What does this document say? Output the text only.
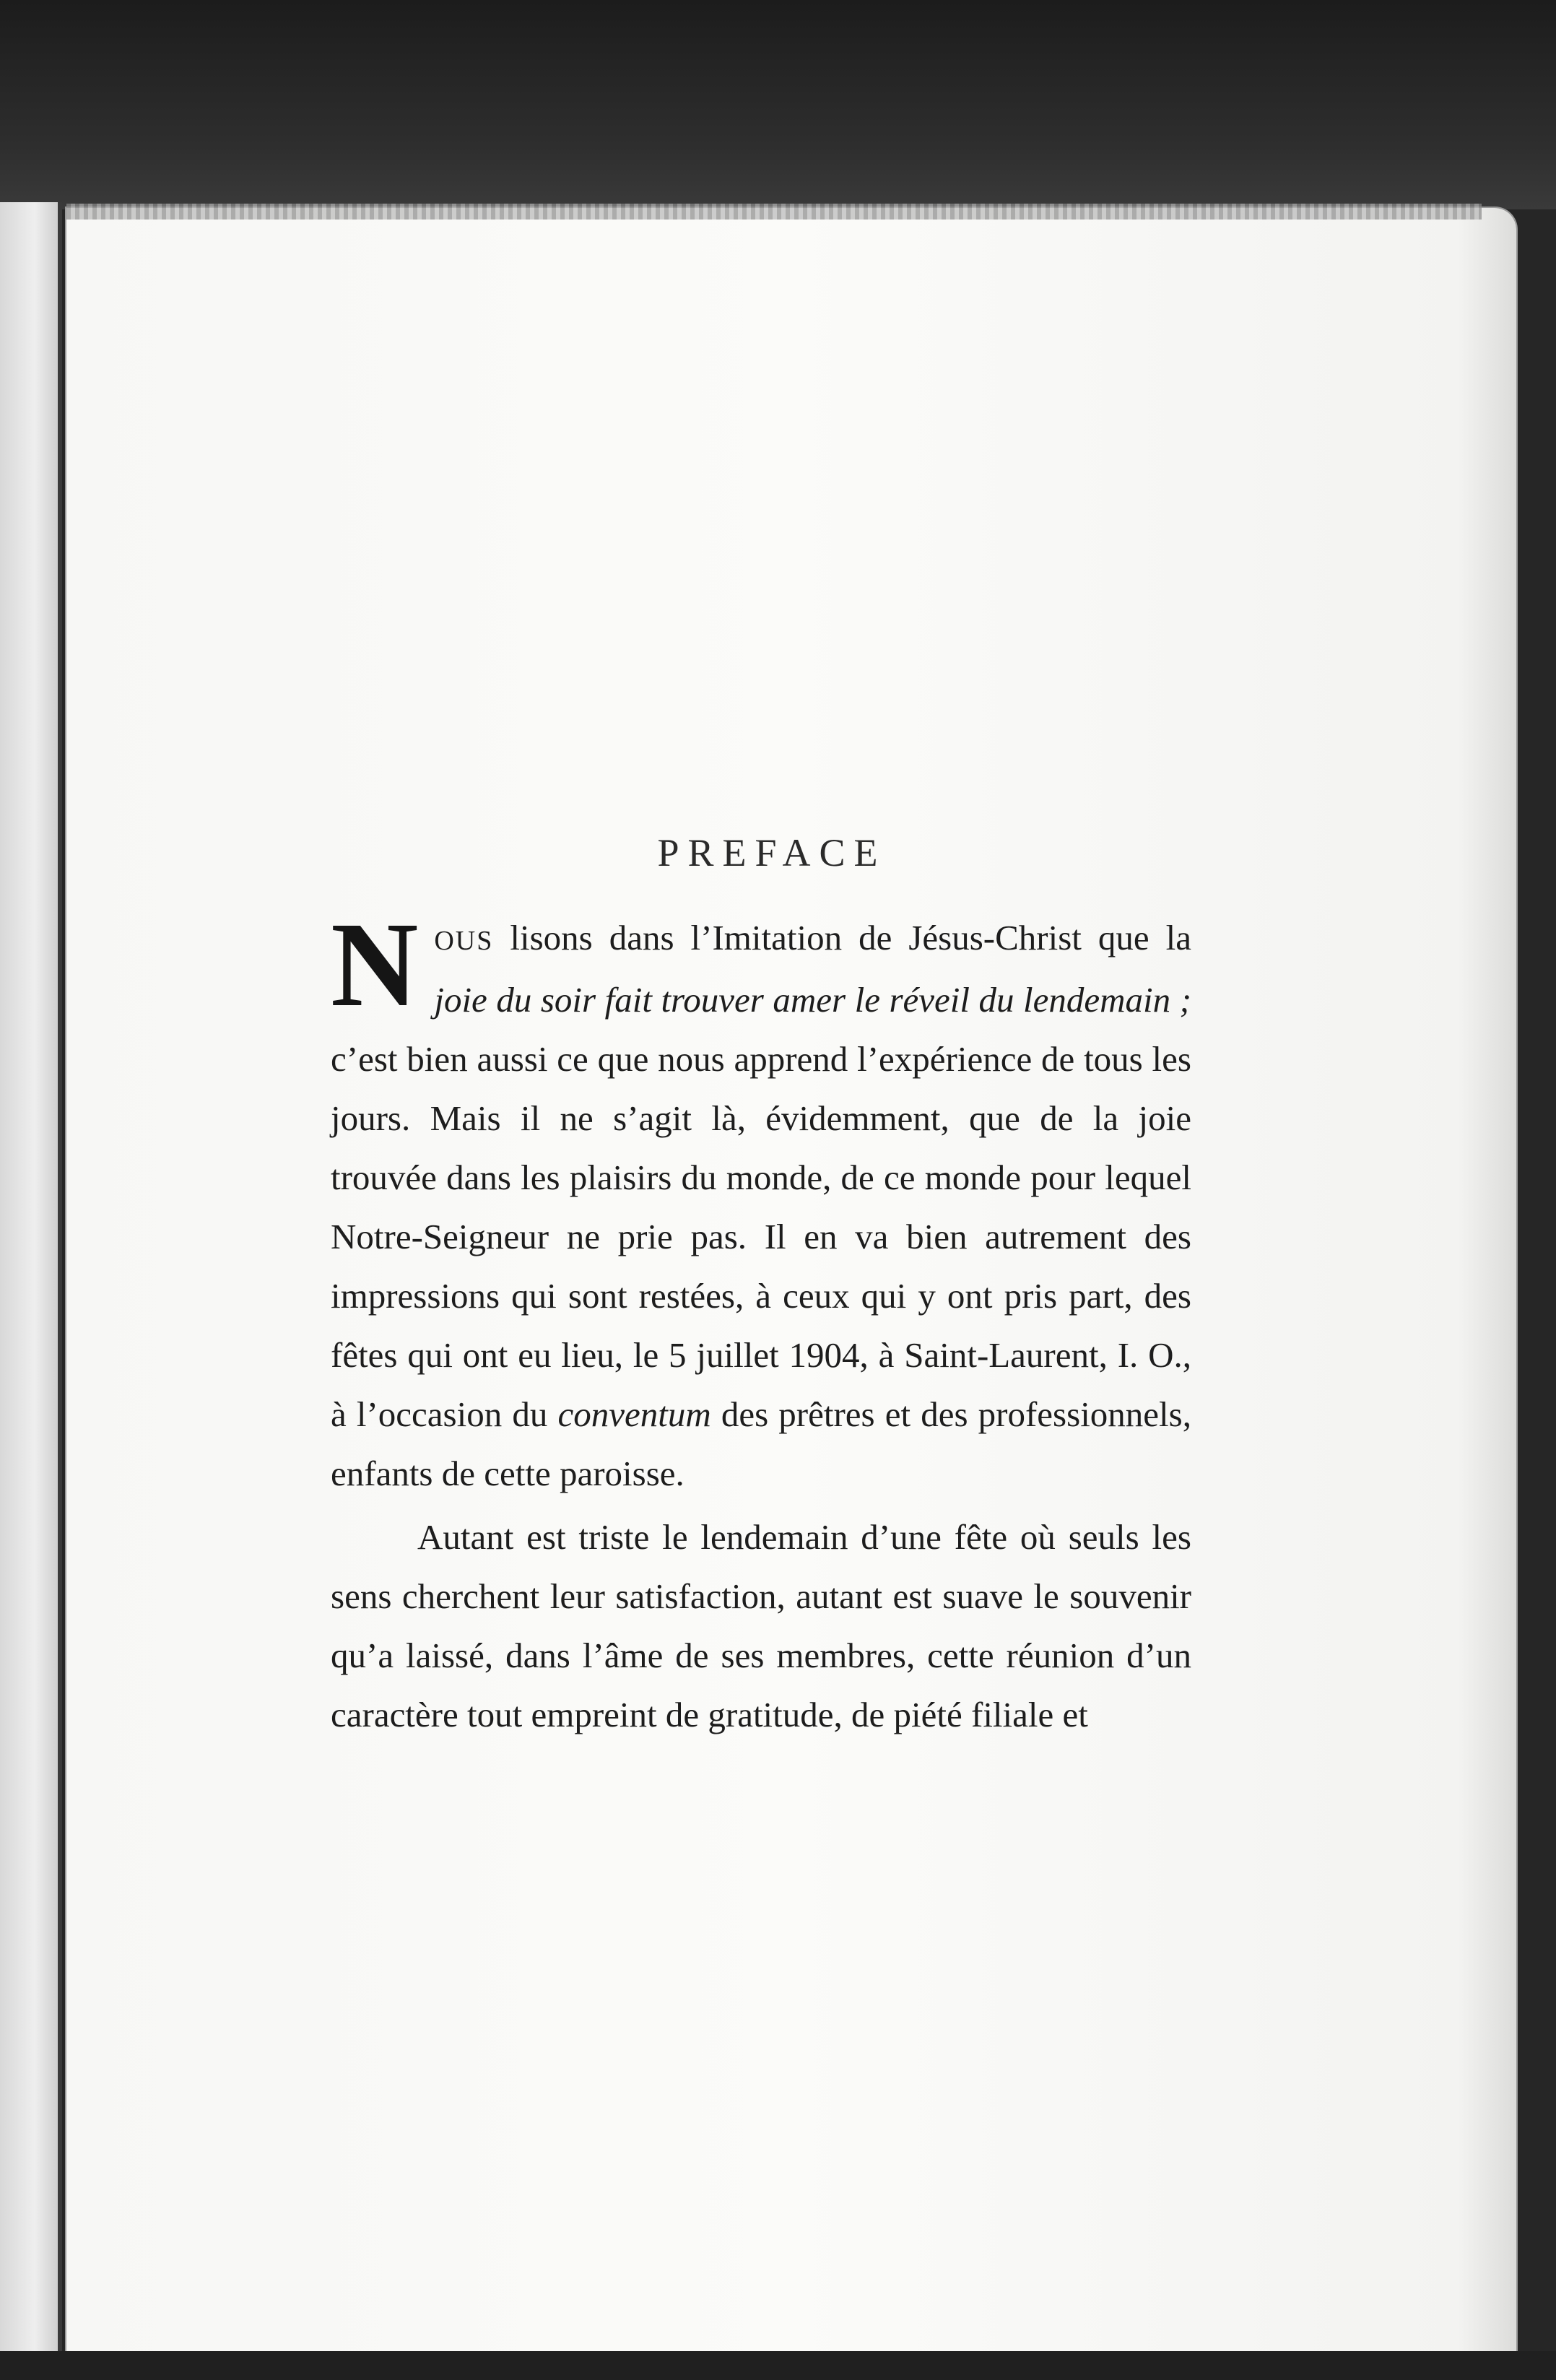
PREFACE

NOUS lisons dans l’Imitation de Jésus-Christ que la joie du soir fait trouver amer le réveil du lendemain ; c’est bien aussi ce que nous apprend l’expérience de tous les jours. Mais il ne s’agit là, évidemment, que de la joie trouvée dans les plaisirs du monde, de ce monde pour lequel Notre-Seigneur ne prie pas. Il en va bien autrement des impressions qui sont restées, à ceux qui y ont pris part, des fêtes qui ont eu lieu, le 5 juillet 1904, à Saint-Laurent, I. O., à l’occasion du conventum des prêtres et des professionnels, enfants de cette paroisse.

Autant est triste le lendemain d’une fête où seuls les sens cherchent leur satisfaction, autant est suave le souvenir qu’a laissé, dans l’âme de ses membres, cette réunion d’un caractère tout empreint de gratitude, de piété filiale et
